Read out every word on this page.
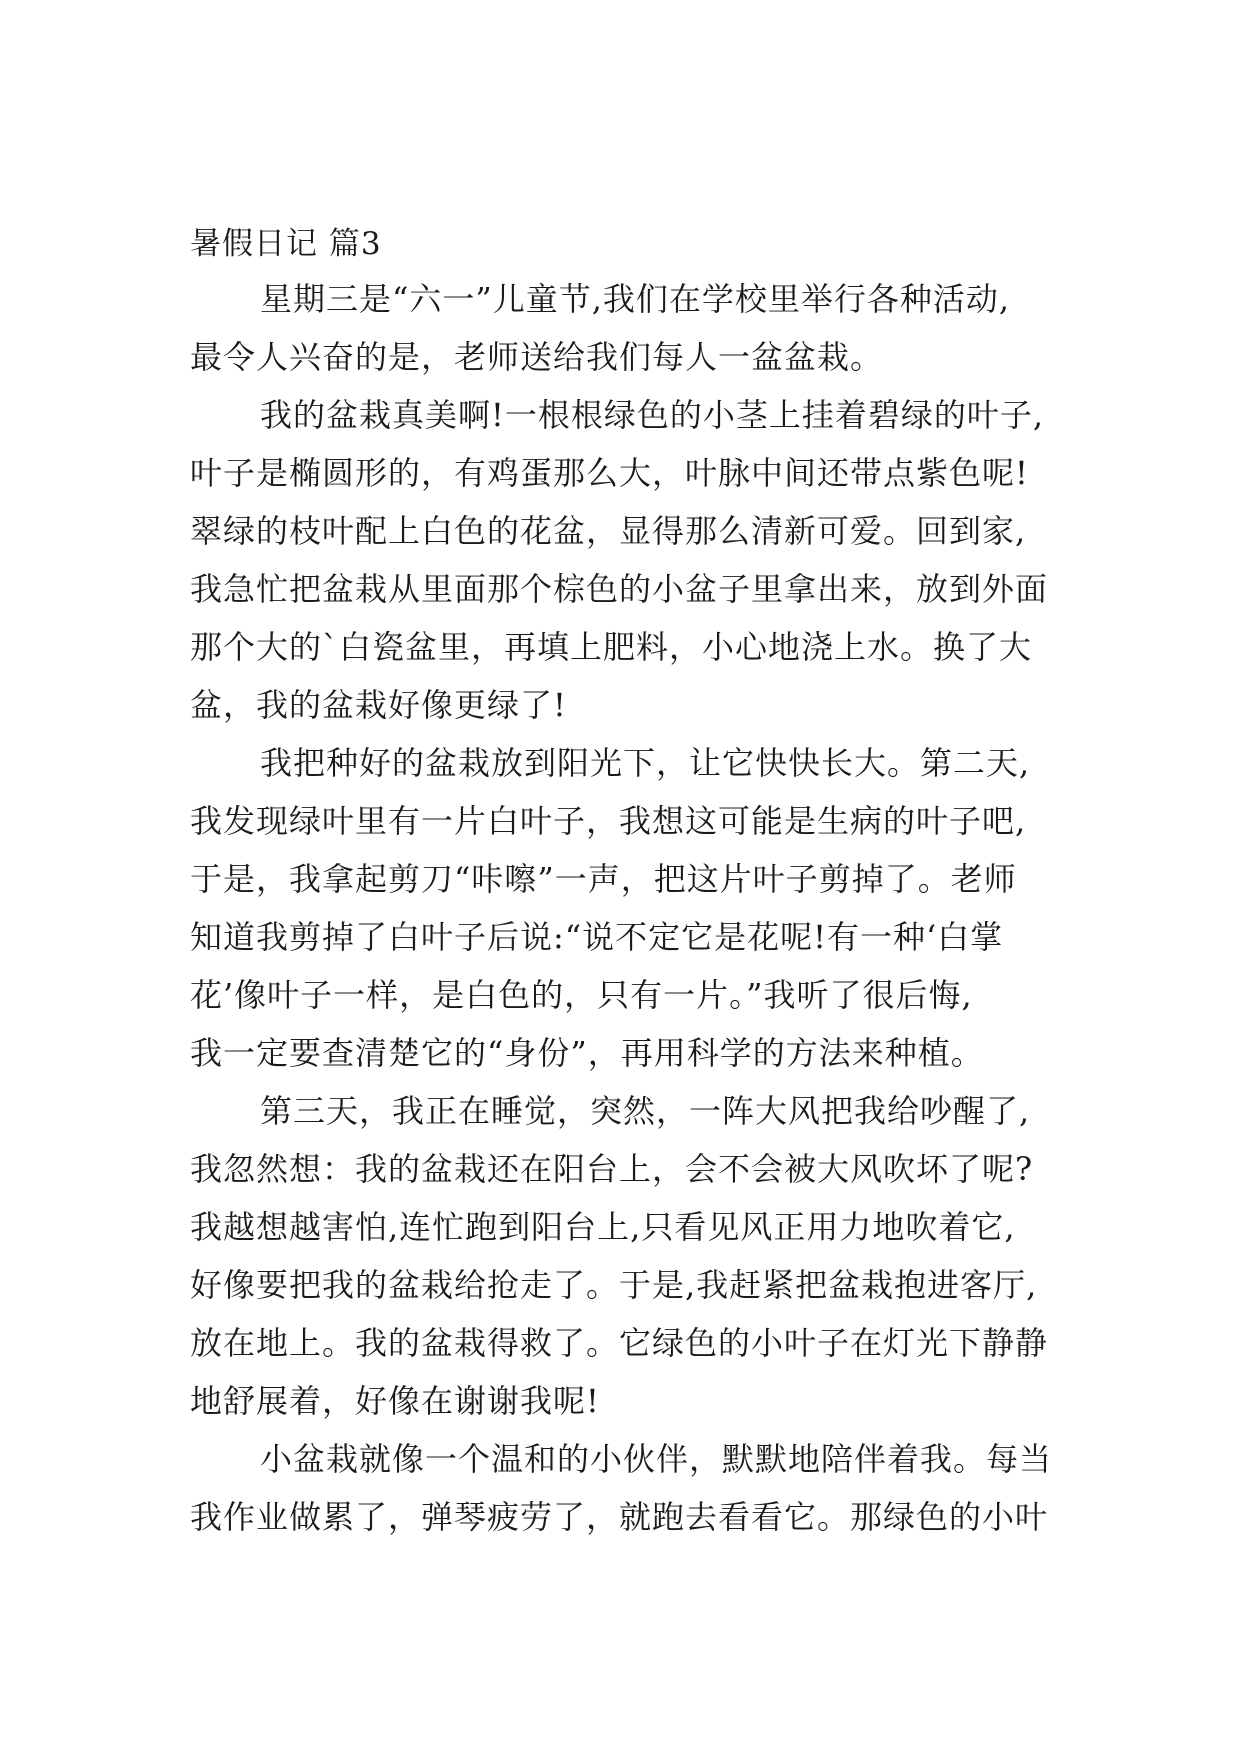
暑假日记 篇3

星期三是“六一”儿童节,我们在学校里举行各种活动,
最令人兴奋的是，老师送给我们每人一盆盆栽。

我的盆栽真美啊!一根根绿色的小茎上挂着碧绿的叶子,
叶子是椭圆形的，有鸡蛋那么大，叶脉中间还带点紫色呢!
翠绿的枝叶配上白色的花盆，显得那么清新可爱。回到家,
我急忙把盆栽从里面那个棕色的小盆子里拿出来，放到外面
那个大的`白瓷盆里，再填上肥料，小心地浇上水。换了大
盆，我的盆栽好像更绿了!

我把种好的盆栽放到阳光下，让它快快长大。第二天,
我发现绿叶里有一片白叶子，我想这可能是生病的叶子吧,
于是，我拿起剪刀“咔嚓”一声，把这片叶子剪掉了。老师
知道我剪掉了白叶子后说:“说不定它是花呢!有一种‘白掌
花’像叶子一样，是白色的，只有一片。”我听了很后悔,
我一定要查清楚它的“身份”，再用科学的方法来种植。

第三天，我正在睡觉，突然，一阵大风把我给吵醒了,
我忽然想：我的盆栽还在阳台上，会不会被大风吹坏了呢?
我越想越害怕,连忙跑到阳台上,只看见风正用力地吹着它,
好像要把我的盆栽给抢走了。于是,我赶紧把盆栽抱进客厅,
放在地上。我的盆栽得救了。它绿色的小叶子在灯光下静静
地舒展着，好像在谢谢我呢!

小盆栽就像一个温和的小伙伴，默默地陪伴着我。每当
我作业做累了，弹琴疲劳了，就跑去看看它。那绿色的小叶
